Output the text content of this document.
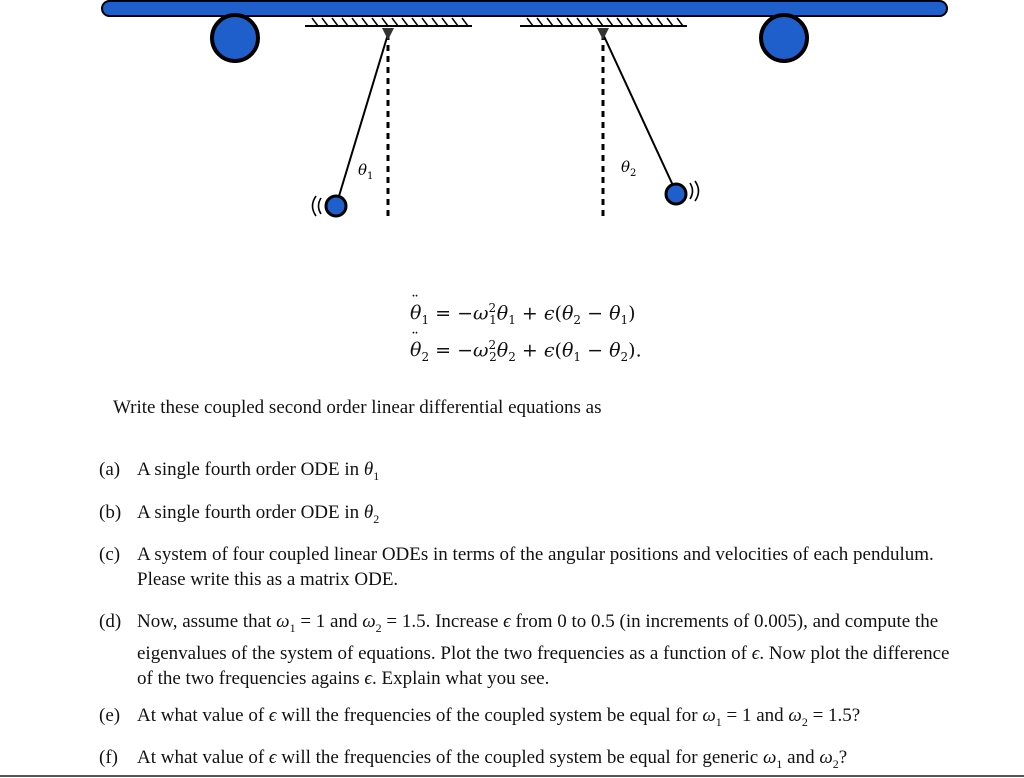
$\theta_1$
$\theta_2$
¨ $\theta_1 = -\omega^2_1\theta_1 + \epsilon(\theta_2 - \theta_1)$
¨ $\theta_2 = -\omega^2_2\theta_2 + \epsilon(\theta_1 - \theta_2)$.
Write these coupled second order linear differential equations as
(a) A single fourth order ODE in $\theta_1$
(b) A single fourth order ODE in $\theta_2$
(c) A system of four coupled linear ODEs in terms of the angular positions and velocities of each pendulum. Please write this as a matrix ODE.
(d) Now, assume that $\omega_1 = 1$ and $\omega_2 = 1.5$. Increase ϵ from 0 to 0.5 (in increments of 0.005), and compute the eigenvalues of the system of equations. Plot the two frequencies as a function of ϵ. Now plot the difference of the two frequencies agains ϵ. Explain what you see.
(e) At what value of ϵ will the frequencies of the coupled system be equal for $\omega_1 = 1$ and $\omega_2 = 1.5$?
(f)	At what value of ϵ will the frequencies of the coupled system be equal for generic $\omega_1$ and $\omega_2$?
